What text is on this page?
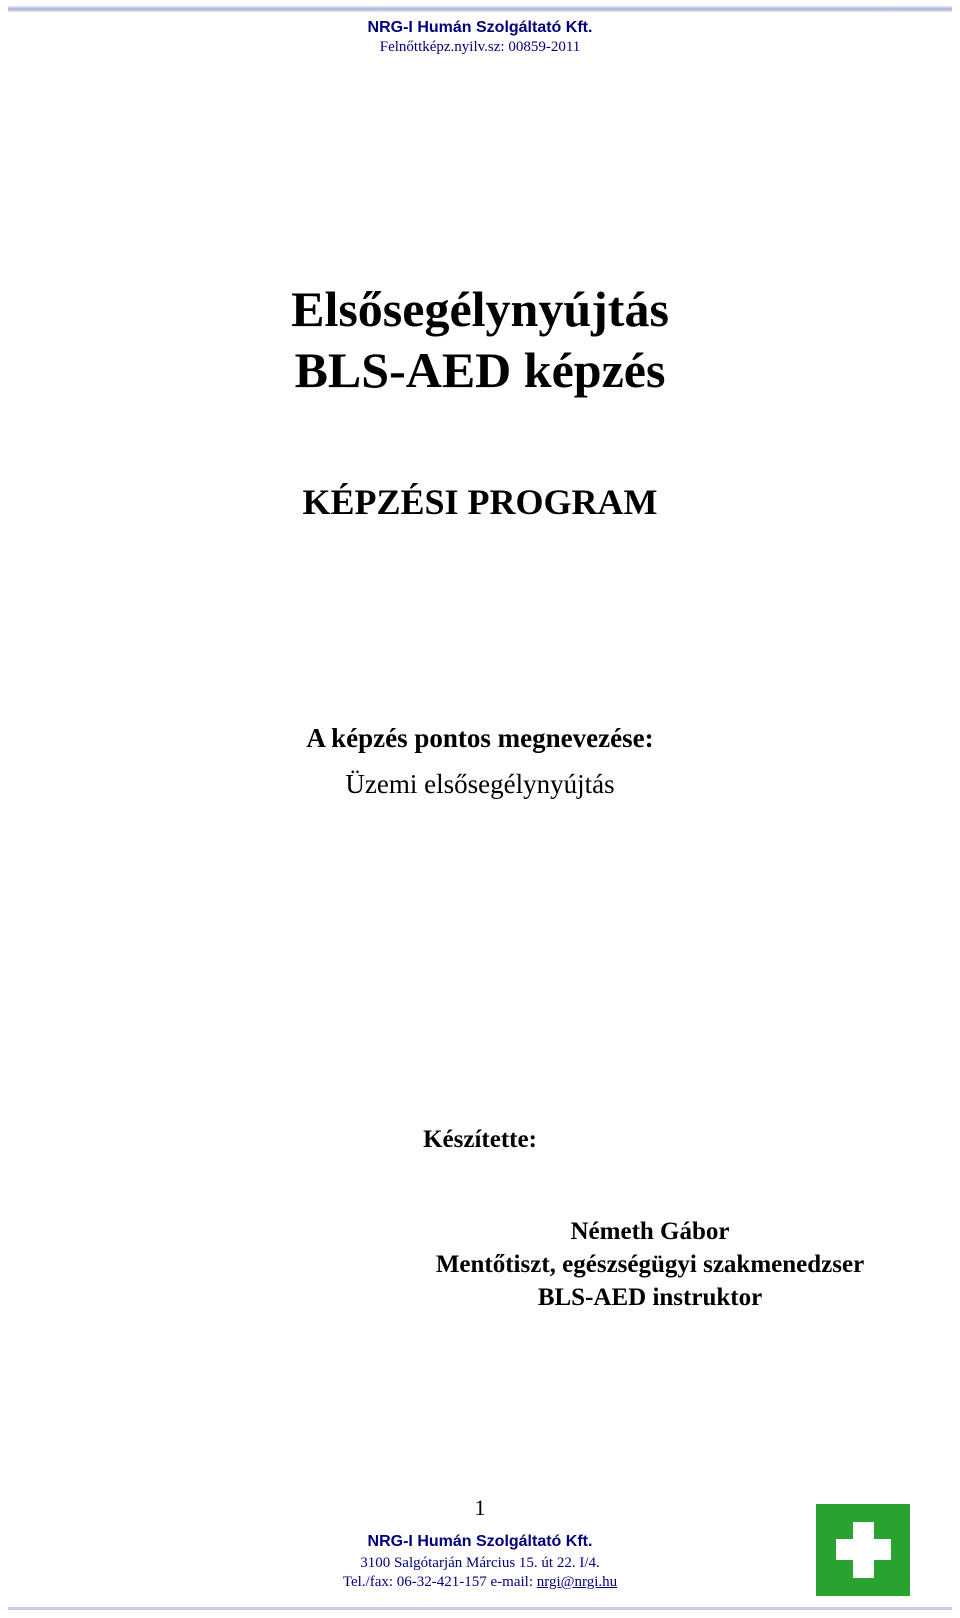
NRG-I Humán Szolgáltató Kft.
Felnőttképz.nyilv.sz: 00859-2011
Elsősegélynyújtás
BLS-AED képzés
KÉPZÉSI PROGRAM
A képzés pontos megnevezése:
Üzemi elsősegélynyújtás
Készítette:
Németh Gábor
Mentőtiszt, egészségügyi szakmenedzser
BLS-AED instruktor
1
NRG-I Humán Szolgáltató Kft.
3100 Salgótarján Március 15. út 22. I/4.
Tel./fax: 06-32-421-157 e-mail: nrgi@nrgi.hu
